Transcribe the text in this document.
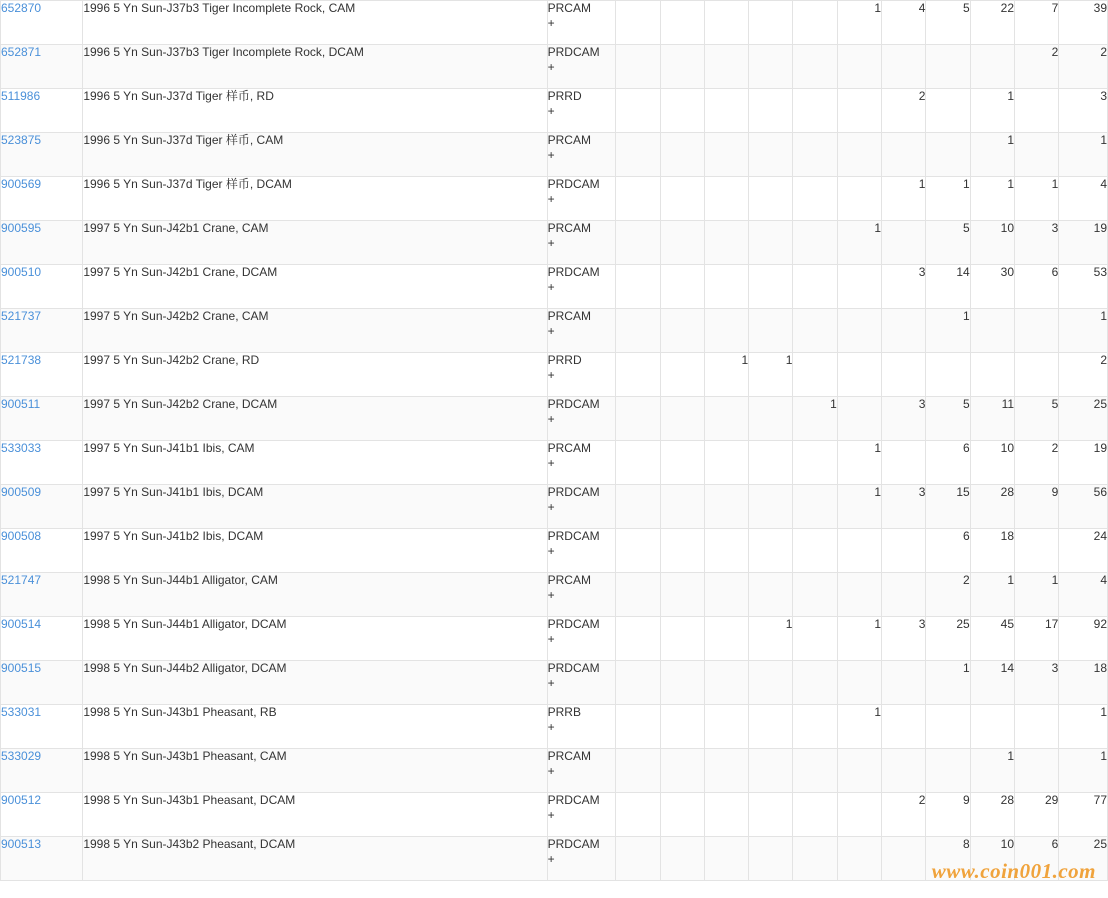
652870	1996 5 Yn Sun-J37b3 Tiger Incomplete Rock, CAM	PRCAM
+						1	4	5	22	7	39
652871	1996 5 Yn Sun-J37b3 Tiger Incomplete Rock, DCAM	PRDCAM
+										2	2
511986	1996 5 Yn Sun-J37d Tiger 样币, RD	PRRD
+							2		1		3
523875	1996 5 Yn Sun-J37d Tiger 样币, CAM	PRCAM
+									1		1
900569	1996 5 Yn Sun-J37d Tiger 样币, DCAM	PRDCAM
+							1	1	1	1	4
900595	1997 5 Yn Sun-J42b1 Crane, CAM	PRCAM
+						1		5	10	3	19
900510	1997 5 Yn Sun-J42b1 Crane, DCAM	PRDCAM
+							3	14	30	6	53
521737	1997 5 Yn Sun-J42b2 Crane, CAM	PRCAM
+								1			1
521738	1997 5 Yn Sun-J42b2 Crane, RD	PRRD
+			1	1							2
900511	1997 5 Yn Sun-J42b2 Crane, DCAM	PRDCAM
+					1		3	5	11	5	25
533033	1997 5 Yn Sun-J41b1 Ibis, CAM	PRCAM
+						1		6	10	2	19
900509	1997 5 Yn Sun-J41b1 Ibis, DCAM	PRDCAM
+						1	3	15	28	9	56
900508	1997 5 Yn Sun-J41b2 Ibis, DCAM	PRDCAM
+								6	18		24
521747	1998 5 Yn Sun-J44b1 Alligator, CAM	PRCAM
+								2	1	1	4
900514	1998 5 Yn Sun-J44b1 Alligator, DCAM	PRDCAM
+				1		1	3	25	45	17	92
900515	1998 5 Yn Sun-J44b2 Alligator, DCAM	PRDCAM
+								1	14	3	18
533031	1998 5 Yn Sun-J43b1 Pheasant, RB	PRRB
+						1					1
533029	1998 5 Yn Sun-J43b1 Pheasant, CAM	PRCAM
+									1		1
900512	1998 5 Yn Sun-J43b1 Pheasant, DCAM	PRDCAM
+							2	9	28	29	77
900513	1998 5 Yn Sun-J43b2 Pheasant, DCAM	PRDCAM
+								8	10	6	25
www.coin001.com
